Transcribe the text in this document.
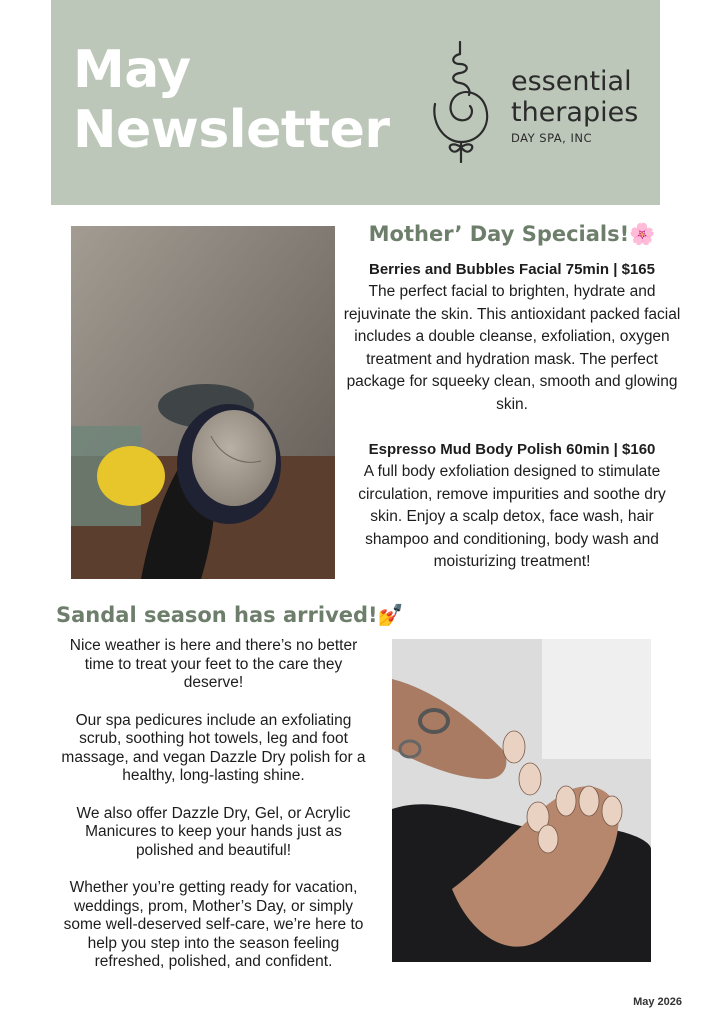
May
Newsletter
essential
therapies
DAY SPA, INC
Mother’ Day Specials!🌸

Berries and Bubbles Facial 75min | $165

The perfect facial to brighten, hydrate and rejuvinate the skin. This antioxidant packed facial includes a double cleanse, exfoliation, oxygen treatment and hydration mask. The perfect package for squeeky clean, smooth and glowing skin.

Espresso Mud Body Polish 60min | $160

A full body exfoliation designed to stimulate circulation, remove impurities and soothe dry skin. Enjoy a scalp detox, face wash, hair shampoo and conditioning, body wash and moisturizing treatment!

Sandal season has arrived!💅

Nice weather is here and there’s no better time to treat your feet to the care they deserve!

Our spa pedicures include an exfoliating scrub, soothing hot towels, leg and foot massage, and vegan Dazzle Dry polish for a healthy, long-lasting shine.

We also offer Dazzle Dry, Gel, or Acrylic Manicures to keep your hands just as polished and beautiful!

Whether you’re getting ready for vacation, weddings, prom, Mother’s Day, or simply some well-deserved self-care, we’re here to help you step into the season feeling refreshed, polished, and confident.

May 2026
